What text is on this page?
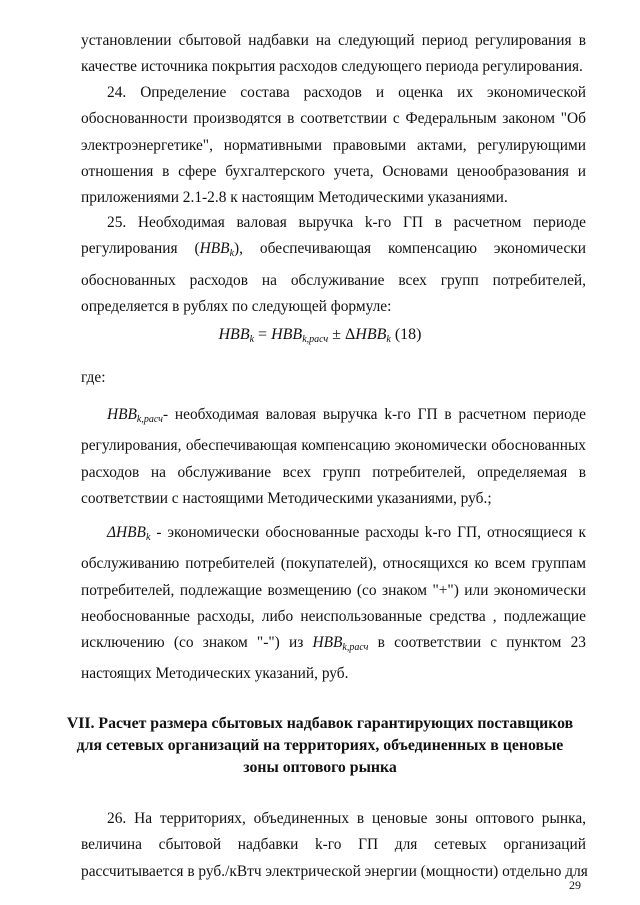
установлении сбытовой надбавки на следующий период регулирования в
качестве источника покрытия расходов следующего периода регулирования.

24. Определение состава расходов и оценка их экономической
обоснованности производятся в соответствии с Федеральным законом "Об
электроэнергетике", нормативными правовыми актами, регулирующими
отношения в сфере бухгалтерского учета, Основами ценообразования и
приложениями 2.1-2.8 к настоящим Методическими указаниями.

25. Необходимая валовая выручка k-го ГП в расчетном периоде
регулирования $(НВВ_k)$, обеспечивающая компенсацию экономически
обоснованных расходов на обслуживание всех групп потребителей,
определяется в рублях по следующей формуле:

$НВВ_k = НВВ_{k,расч} \pm \Delta НВВ_k$ (18)
где:

$НВВ_{k,расч}-$ необходимая валовая выручка k-го ГП в расчетном периоде
регулирования, обеспечивающая компенсацию экономически обоснованных
расходов на обслуживание всех групп потребителей, определяемая в
соответствии с настоящими Методическими указаниями, руб.;

$\Delta НВВ_k$ - экономически обоснованные расходы k-го ГП, относящиеся к
обслуживанию потребителей (покупателей), относящихся ко всем группам
потребителей, подлежащие возмещению (со знаком "+") или экономически
необоснованные расходы, либо неиспользованные средства , подлежащие
исключению (со знаком "-") из $НВВ_{k,расч}$ в соответствии с пунктом 23
настоящих Методических указаний, руб.

VII. Расчет размера сбытовых надбавок гарантирующих поставщиков
для сетевых организаций на территориях, объединенных в ценовые
зоны оптового рынка

26. На территориях, объединенных в ценовые зоны оптового рынка,
величина сбытовой надбавки k-го ГП для сетевых организаций
рассчитывается в руб./кВтч электрической энергии (мощности) отдельно для

29
